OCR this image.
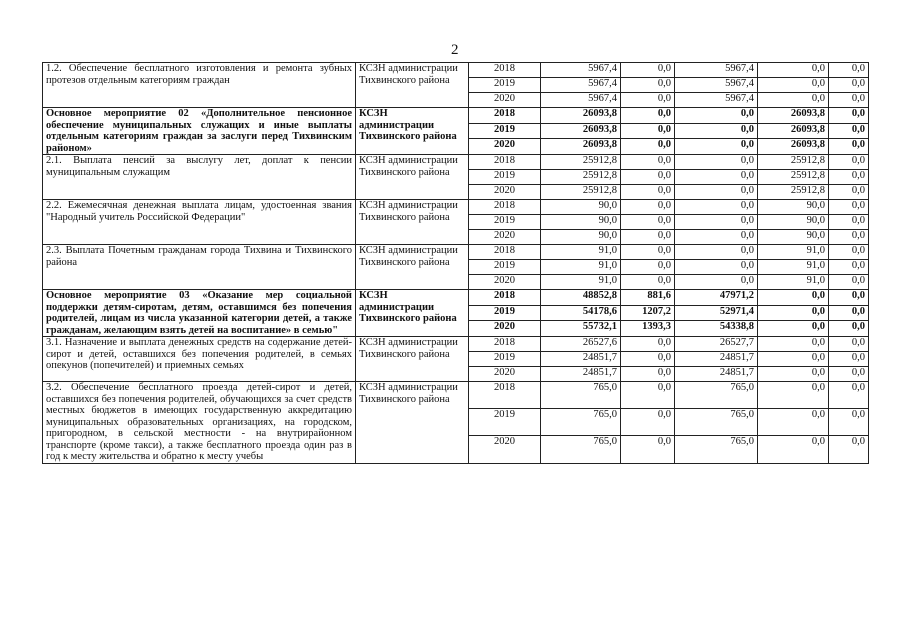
2
1.2. Обеспечение бесплатного изготовления и ремонта зубных протезов отдельным категориям граждан	КСЗН администрации Тихвинского района	2018	5967,4	0,0	5967,4	0,0	0,0
		2019	5967,4	0,0	5967,4	0,0	0,0
		2020	5967,4	0,0	5967,4	0,0	0,0
Основное мероприятие 02 «Дополнительное пенсионное обеспечение муниципальных служащих и иные выплаты отдельным категориям граждан за заслуги перед Тихвинским районом»	КСЗН администрации Тихвинского района	2018	26093,8	0,0	0,0	26093,8	0,0
		2019	26093,8	0,0	0,0	26093,8	0,0
		2020	26093,8	0,0	0,0	26093,8	0,0
2.1. Выплата пенсий за выслугу лет, доплат к пенсии муниципальным служащим	КСЗН администрации Тихвинского района	2018	25912,8	0,0	0,0	25912,8	0,0
		2019	25912,8	0,0	0,0	25912,8	0,0
		2020	25912,8	0,0	0,0	25912,8	0,0
2.2. Ежемесячная денежная выплата лицам, удостоенная звания "Народный учитель Российской Федерации"	КСЗН администрации Тихвинского района	2018	90,0	0,0	0,0	90,0	0,0
		2019	90,0	0,0	0,0	90,0	0,0
		2020	90,0	0,0	0,0	90,0	0,0
2.3. Выплата Почетным гражданам города Тихвина и Тихвинского района	КСЗН администрации Тихвинского района	2018	91,0	0,0	0,0	91,0	0,0
		2019	91,0	0,0	0,0	91,0	0,0
		2020	91,0	0,0	0,0	91,0	0,0
Основное мероприятие 03 «Оказание мер социальной поддержки детям-сиротам, детям, оставшимся без попечения родителей, лицам из числа указанной категории детей, а также гражданам, желающим взять детей на воспитание» в семью"	КСЗН администрации Тихвинского района	2018	48852,8	881,6	47971,2	0,0	0,0
		2019	54178,6	1207,2	52971,4	0,0	0,0
		2020	55732,1	1393,3	54338,8	0,0	0,0
3.1. Назначение и выплата денежных средств на содержание детей-сирот и детей, оставшихся без попечения родителей, в семьях опекунов (попечителей) и приемных семьях	КСЗН администрации Тихвинского района	2018	26527,6	0,0	26527,7	0,0	0,0
		2019	24851,7	0,0	24851,7	0,0	0,0
		2020	24851,7	0,0	24851,7	0,0	0,0
3.2. Обеспечение бесплатного проезда детей-сирот и детей, оставшихся без попечения родителей, обучающихся за счет средств местных бюджетов в имеющих государственную аккредитацию муниципальных образовательных организациях, на городском, пригородном, в сельской местности - на внутрирайонном транспорте (кроме такси), а также бесплатного проезда один раз в год к месту жительства и обратно к месту учебы	КСЗН администрации Тихвинского района	2018	765,0	0,0	765,0	0,0	0,0
		2019	765,0	0,0	765,0	0,0	0,0
		2020	765,0	0,0	765,0	0,0	0,0
